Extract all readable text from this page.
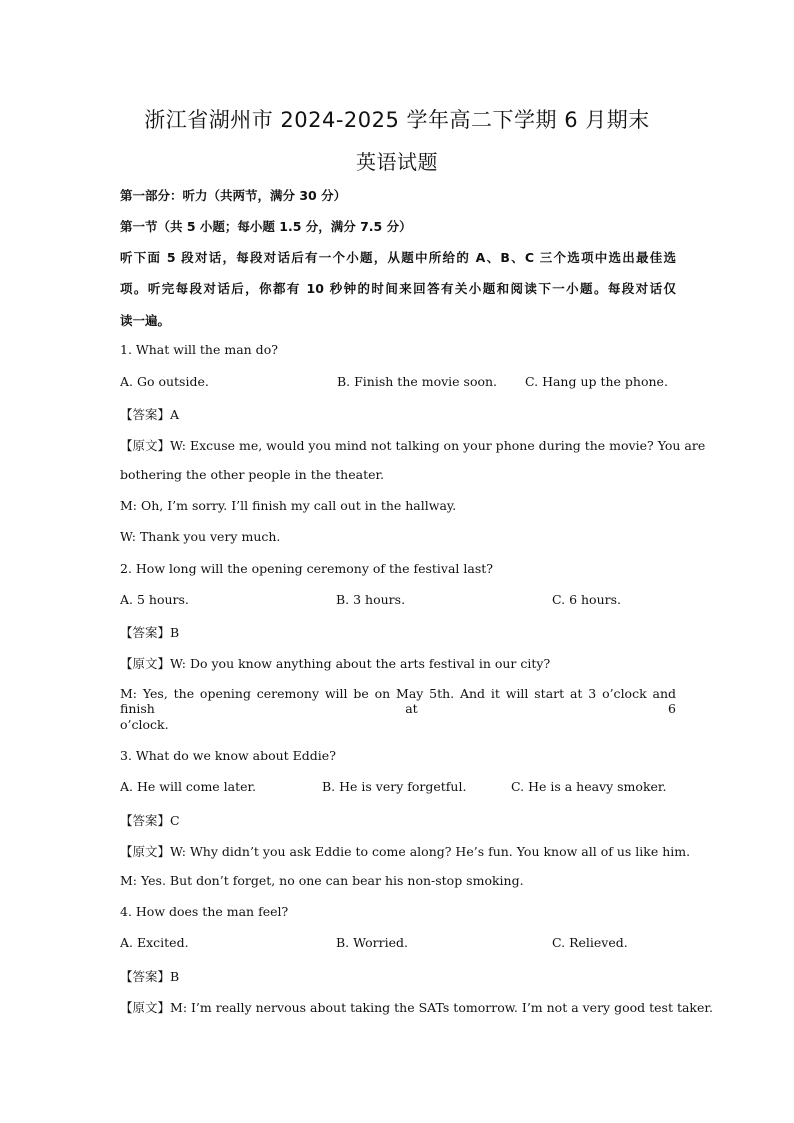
浙江省湖州市 2024-2025 学年高二下学期 6 月期末
英语试题
第一部分：听力（共两节，满分 30 分）
第一节（共 5 小题；每小题 1.5 分，满分 7.5 分）
听下面 5 段对话，每段对话后有一个小题，从题中所给的 A、B、C 三个选项中选出最佳选
项。听完每段对话后，你都有 10 秒钟的时间来回答有关小题和阅读下一小题。每段对话仅
读一遍。
1. What will the man do?
A. Go outside.	B. Finish the movie soon. C. Hang up the phone.
【答案】A
【原文】W: Excuse me, would you mind not talking on your phone during the movie? You are
bothering the other people in the theater.
M: Oh, I’m sorry. I’ll finish my call out in the hallway.
W: Thank you very much.
2. How long will the opening ceremony of the festival last?
A. 5 hours.	B. 3 hours.	C. 6 hours.
【答案】B
【原文】W: Do you know anything about the arts festival in our city?
M: Yes, the opening ceremony will be on May 5th. And it will start at 3 o’clock and finish at 6
o’clock.
3. What do we know about Eddie?
A. He will come later.	B. He is very forgetful.	C. He is a heavy smoker.
【答案】C
【原文】W: Why didn’t you ask Eddie to come along? He’s fun. You know all of us like him.
M: Yes. But don’t forget, no one can bear his non-stop smoking.
4. How does the man feel?
A. Excited.	B. Worried.	C. Relieved.
【答案】B
【原文】M: I’m really nervous about taking the SATs tomorrow. I’m not a very good test taker.
